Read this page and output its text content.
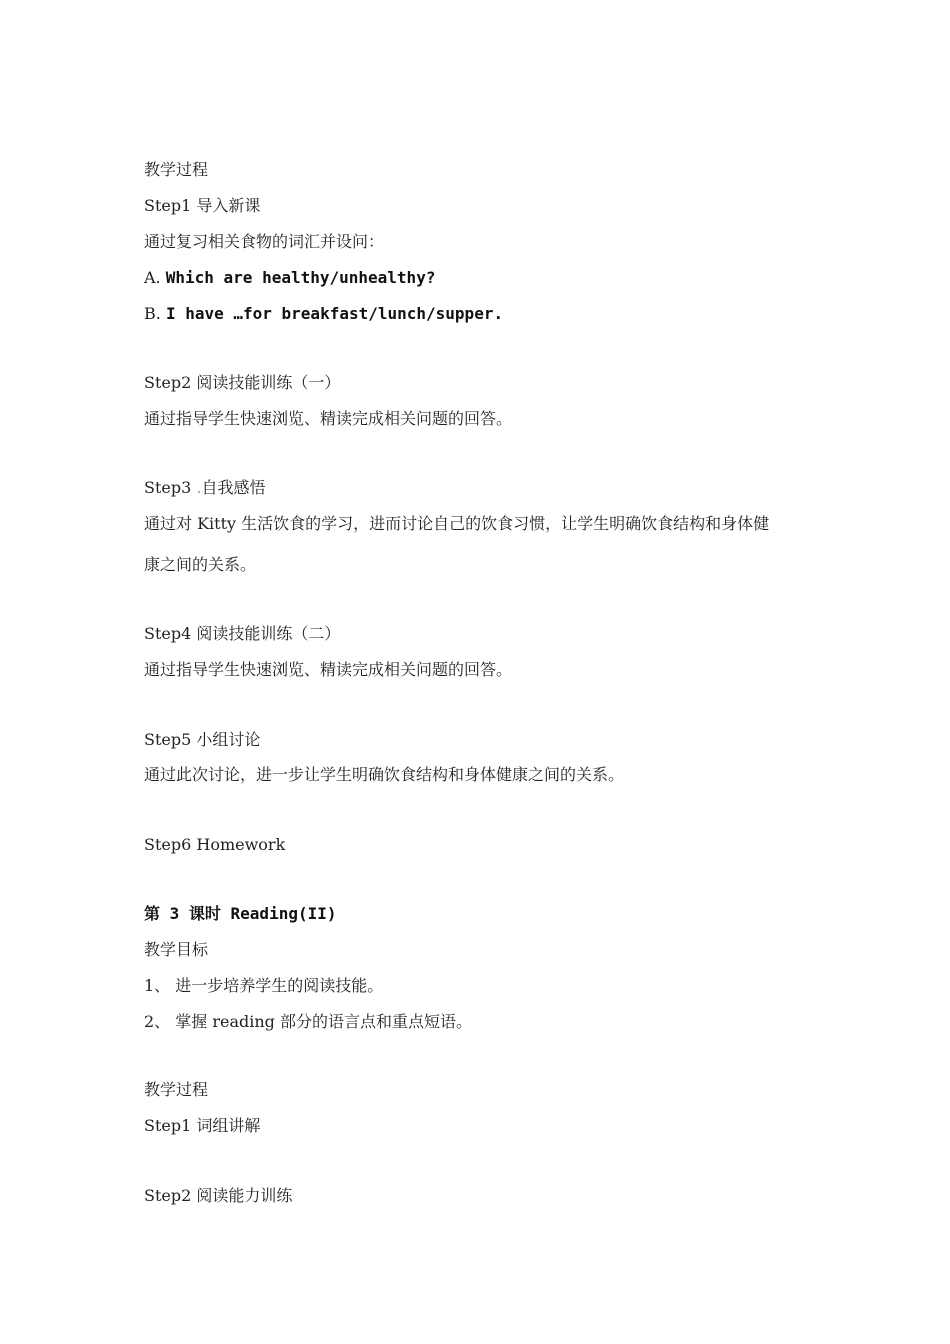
教学过程
Step1 导入新课
通过复习相关食物的词汇并设问：
A. Which are healthy/unhealthy?
B. I have …for breakfast/lunch/supper.
Step2 阅读技能训练（一）
通过指导学生快速浏览、精读完成相关问题的回答。
Step3 .自我感悟
通过对 Kitty 生活饮食的学习，进而讨论自己的饮食习惯，让学生明确饮食结构和身体健
康之间的关系。
Step4 阅读技能训练（二）
通过指导学生快速浏览、精读完成相关问题的回答。
Step5 小组讨论
通过此次讨论，进一步让学生明确饮食结构和身体健康之间的关系。
Step6 Homework
第 3 课时 Reading(II)
教学目标
1、 进一步培养学生的阅读技能。
2、 掌握 reading 部分的语言点和重点短语。
教学过程
Step1 词组讲解
Step2 阅读能力训练
